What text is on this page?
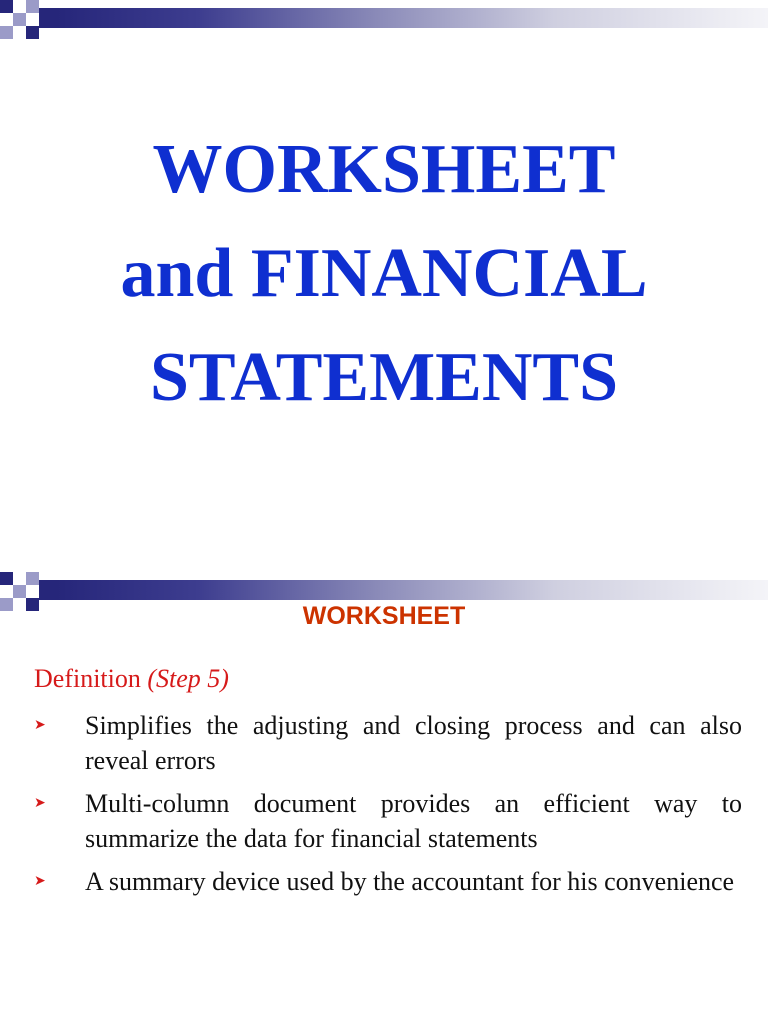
WORKSHEET
and FINANCIAL
STATEMENTS
WORKSHEET

Definition (Step 5)

➤ Simplifies the adjusting and closing process and can also reveal errors
➤ Multi-column document provides an efficient way to summarize the data for financial statements
➤ A summary device used by the accountant for his convenience
